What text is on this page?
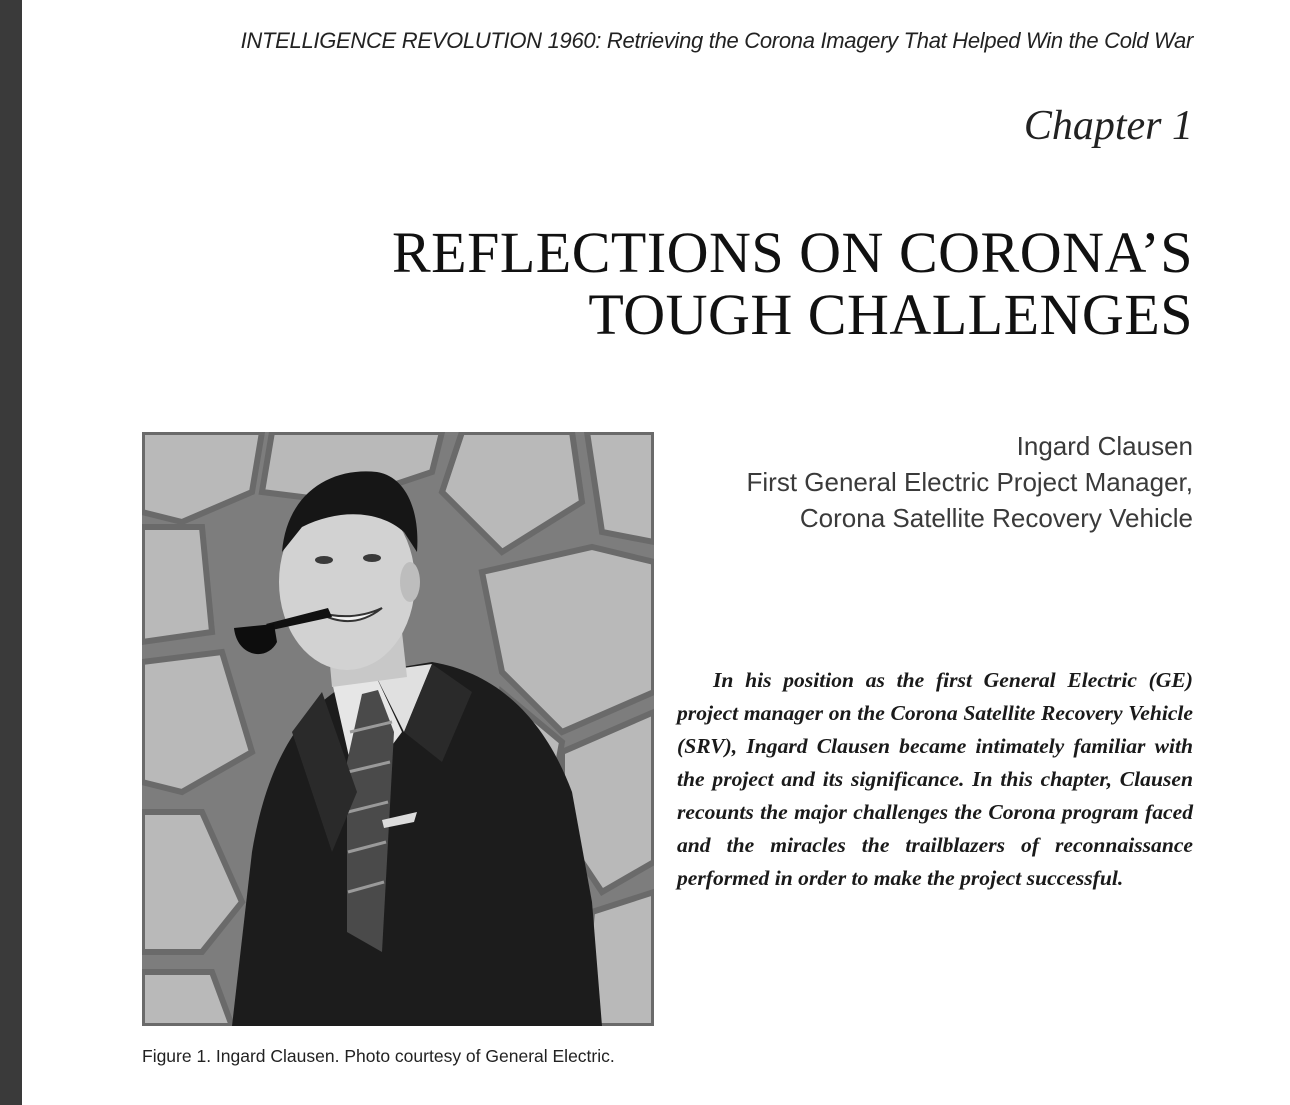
INTELLIGENCE REVOLUTION 1960: Retrieving the Corona Imagery That Helped Win the Cold War
Chapter 1
REFLECTIONS ON CORONA’S
TOUGH CHALLENGES
Ingard Clausen
First General Electric Project Manager,
Corona Satellite Recovery Vehicle

In his position as the first General Electric (GE) project manager on the Corona Satellite Recovery Vehicle (SRV), Ingard Clausen became intimately familiar with the project and its significance. In this chapter, Clausen recounts the major challenges the Corona program faced and the miracles the trailblazers of reconnaissance performed in order to make the project successful.

Figure 1. Ingard Clausen. Photo courtesy of General Electric.
